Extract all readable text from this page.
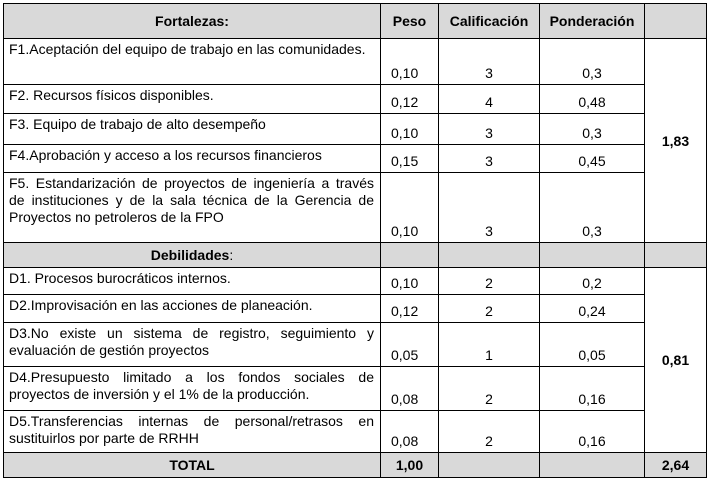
Fortalezas:	Peso	Calificación	Ponderación	
F1.Aceptación del equipo de trabajo en las comunidades.	0,10	3	0,3	1,83
F2. Recursos físicos disponibles.	0,12	4	0,48	
F3. Equipo de trabajo de alto desempeño	0,10	3	0,3	
F4.Aprobación y acceso a los recursos financieros	0,15	3	0,45	
F5. Estandarización de proyectos de ingeniería a través de instituciones y de la sala técnica de la Gerencia de Proyectos no petroleros de la FPO	0,10	3	0,3	
Debilidades:				
D1. Procesos burocráticos internos.	0,10	2	0,2	0,81
D2.Improvisación en las acciones de planeación.	0,12	2	0,24	
D3.No existe un sistema de registro, seguimiento y evaluación de gestión proyectos	0,05	1	0,05	
D4.Presupuesto limitado a los fondos sociales de proyectos de inversión y el 1% de la producción.	0,08	2	0,16	
D5.Transferencias internas de personal/retrasos en sustituirlos por parte de RRHH	0,08	2	0,16	
TOTAL	1,00			2,64
